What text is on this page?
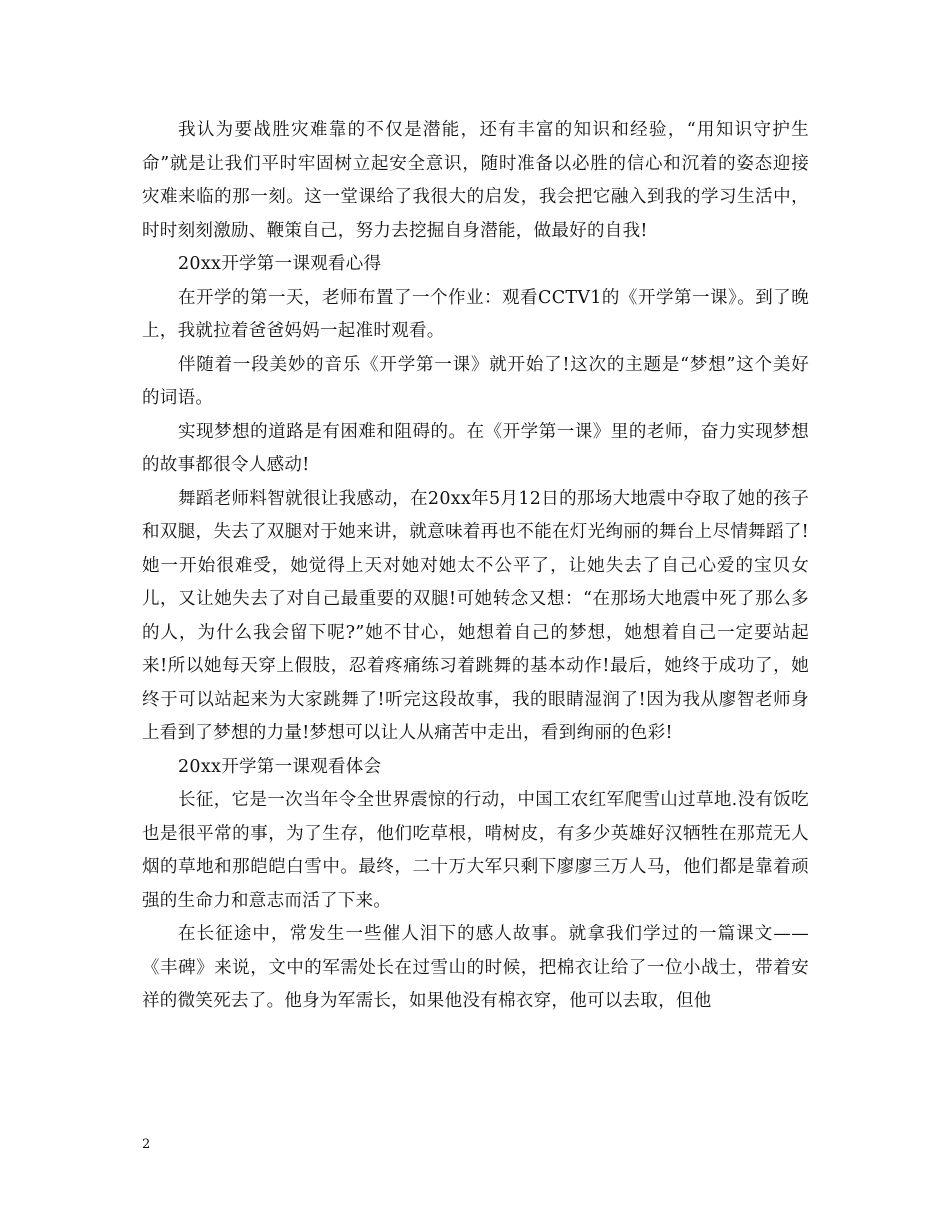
我认为要战胜灾难靠的不仅是潜能，还有丰富的知识和经验，“用知识守护生命”就是让我们平时牢固树立起安全意识，随时准备以必胜的信心和沉着的姿态迎接灾难来临的那一刻。这一堂课给了我很大的启发，我会把它融入到我的学习生活中，时时刻刻激励、鞭策自己，努力去挖掘自身潜能，做最好的自我!

20xx开学第一课观看心得

在开学的第一天，老师布置了一个作业：观看CCTV1的《开学第一课》。到了晚上，我就拉着爸爸妈妈一起准时观看。

伴随着一段美妙的音乐《开学第一课》就开始了!这次的主题是“梦想”这个美好的词语。

实现梦想的道路是有困难和阻碍的。在《开学第一课》里的老师，奋力实现梦想的故事都很令人感动!

舞蹈老师料智就很让我感动，在20xx年5月12日的那场大地震中夺取了她的孩子和双腿，失去了双腿对于她来讲，就意味着再也不能在灯光绚丽的舞台上尽情舞蹈了!她一开始很难受，她觉得上天对她对她太不公平了，让她失去了自己心爱的宝贝女儿，又让她失去了对自己最重要的双腿!可她转念又想：“在那场大地震中死了那么多的人，为什么我会留下呢?”她不甘心，她想着自己的梦想，她想着自己一定要站起来!所以她每天穿上假肢，忍着疼痛练习着跳舞的基本动作!最后，她终于成功了，她终于可以站起来为大家跳舞了!听完这段故事，我的眼睛湿润了!因为我从廖智老师身上看到了梦想的力量!梦想可以让人从痛苦中走出，看到绚丽的色彩!

20xx开学第一课观看体会

长征，它是一次当年令全世界震惊的行动，中国工农红军爬雪山过草地.没有饭吃也是很平常的事，为了生存，他们吃草根，啃树皮，有多少英雄好汉牺牲在那荒无人烟的草地和那皑皑白雪中。最终，二十万大军只剩下廖廖三万人马，他们都是靠着顽强的生命力和意志而活了下来。

在长征途中，常发生一些催人泪下的感人故事。就拿我们学过的一篇课文——《丰碑》来说，文中的军需处长在过雪山的时候，把棉衣让给了一位小战士，带着安祥的微笑死去了。他身为军需长，如果他没有棉衣穿，他可以去取，但他

2
